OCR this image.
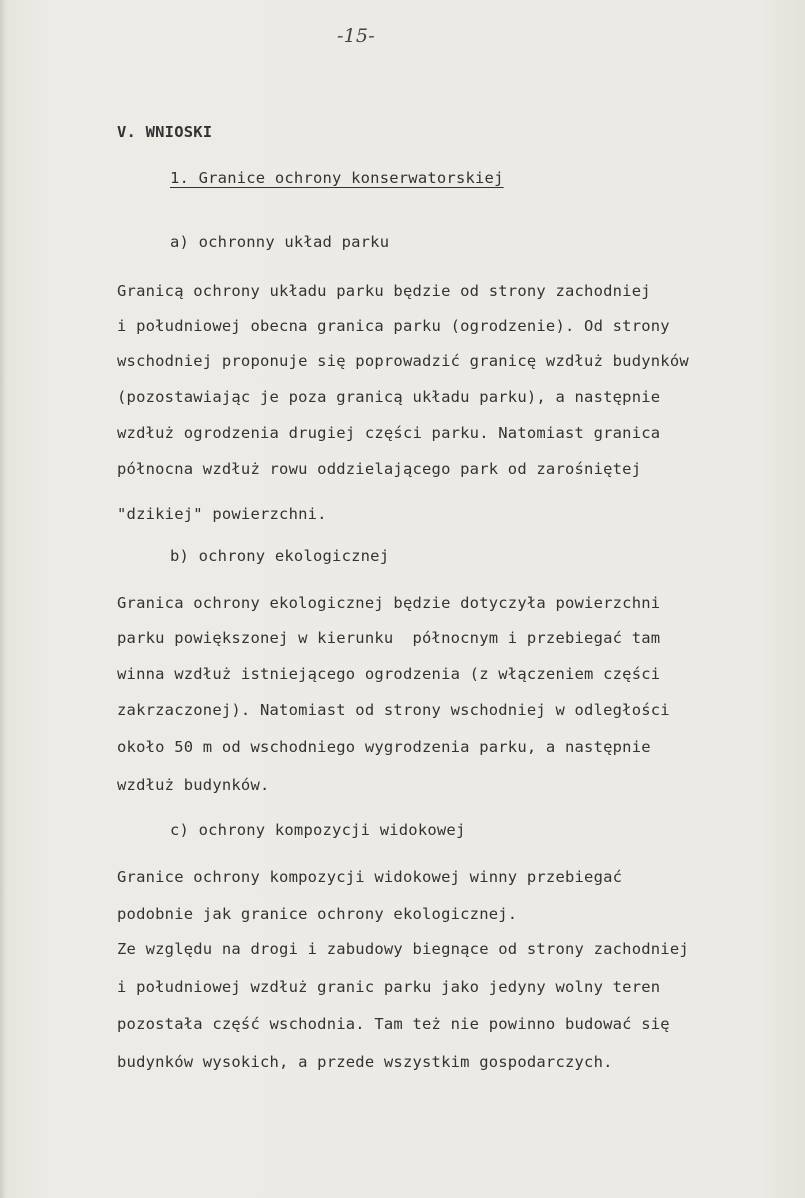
-15-
V. WNIOSKI
1. Granice ochrony konserwatorskiej
a) ochronny układ parku
Granicą ochrony układu parku będzie od strony zachodniej
i południowej obecna granica parku (ogrodzenie). Od strony
wschodniej proponuje się poprowadzić granicę wzdłuż budynków
(pozostawiając je poza granicą układu parku), a następnie
wzdłuż ogrodzenia drugiej części parku. Natomiast granica
północna wzdłuż rowu oddzielającego park od zarośniętej
"dzikiej" powierzchni.
b) ochrony ekologicznej
Granica ochrony ekologicznej będzie dotyczyła powierzchni
parku powiększonej w kierunku  północnym i przebiegać tam
winna wzdłuż istniejącego ogrodzenia (z włączeniem części
zakrzaczonej). Natomiast od strony wschodniej w odległości
około 50 m od wschodniego wygrodzenia parku, a następnie
wzdłuż budynków.
c) ochrony kompozycji widokowej
Granice ochrony kompozycji widokowej winny przebiegać
podobnie jak granice ochrony ekologicznej.
Ze względu na drogi i zabudowy biegnące od strony zachodniej
i południowej wzdłuż granic parku jako jedyny wolny teren
pozostała część wschodnia. Tam też nie powinno budować się
budynków wysokich, a przede wszystkim gospodarczych.
